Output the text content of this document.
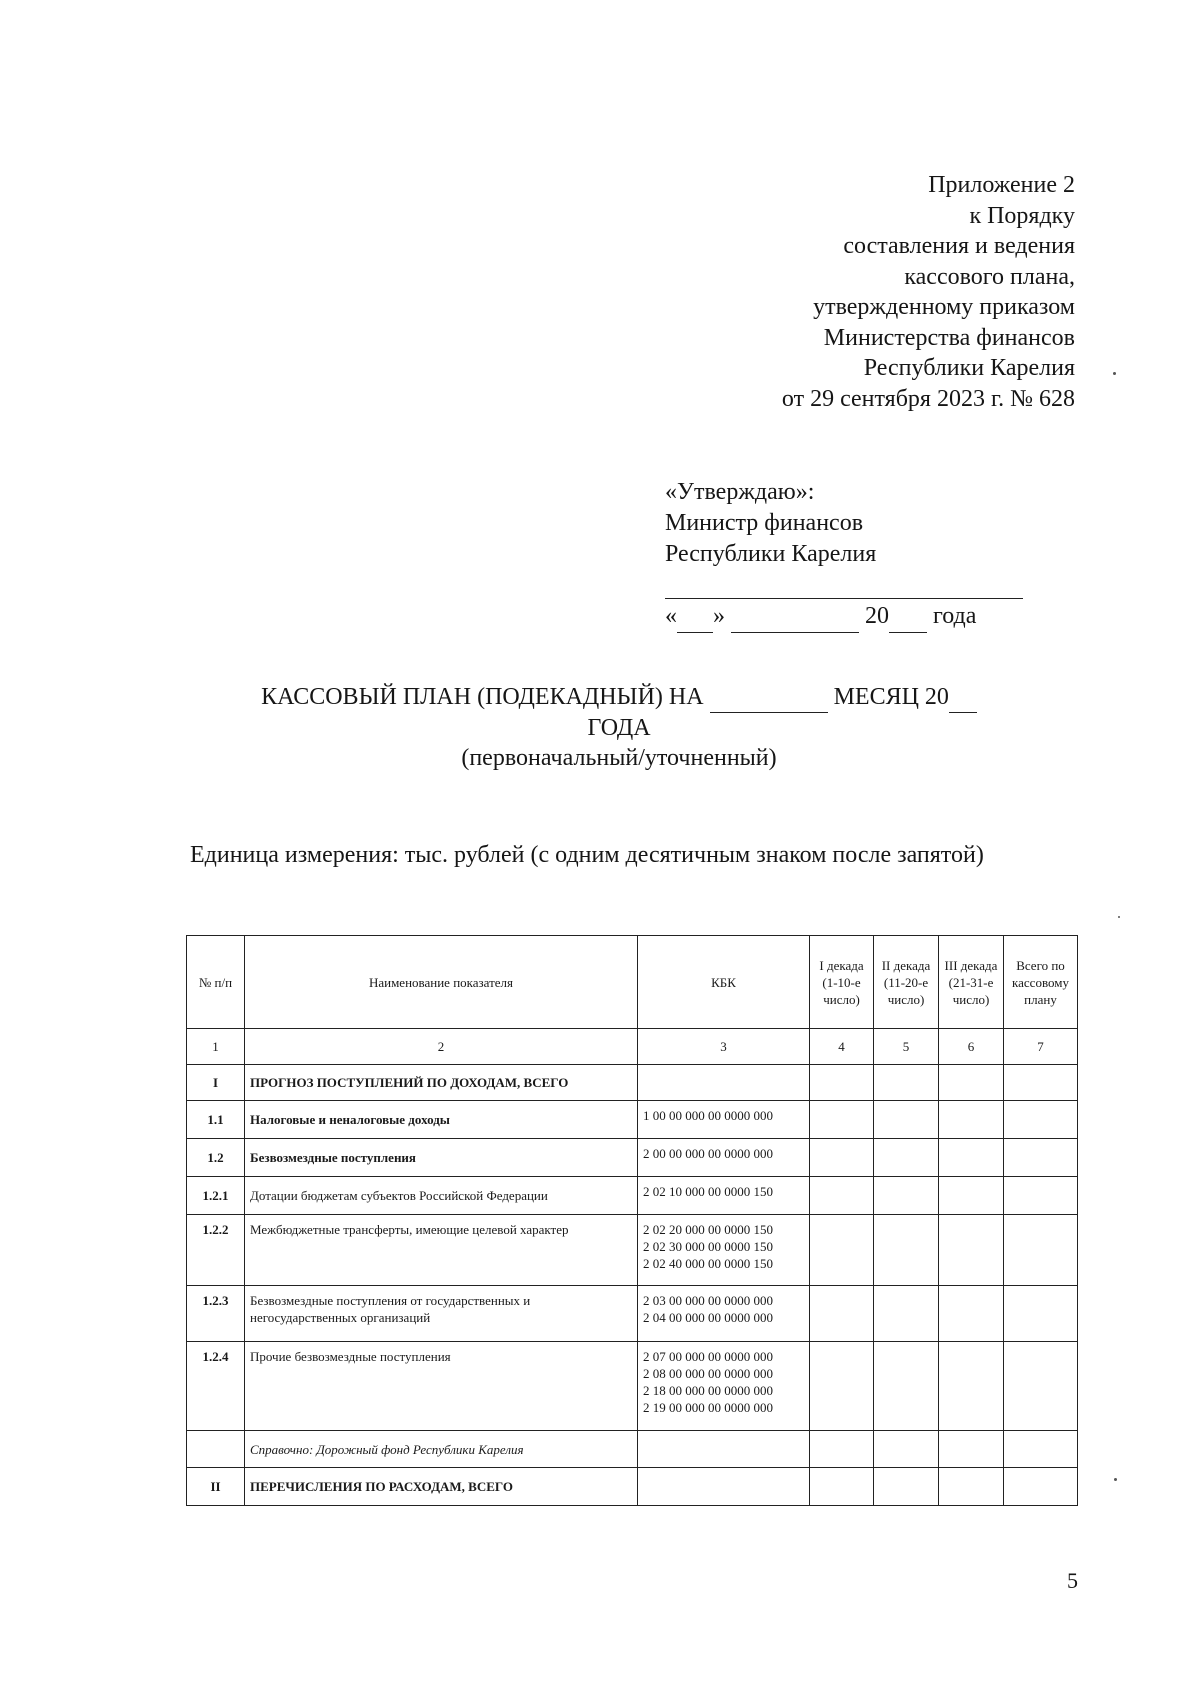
Приложение 2
к Порядку
составления и ведения
кассового плана,
утвержденному приказом
Министерства финансов
Республики Карелия
от 29 сентября 2023 г. № 628
«Утверждаю»:
Министр финансов
Республики Карелия
« »	20 года
КАССОВЫЙ ПЛАН (ПОДЕКАДНЫЙ) НА	МЕСЯЦ 20
ГОДА
(первоначальный/уточненный)
Единица измерения: тыс. рублей (с одним десятичным знаком после запятой)
№ п/п	Наименование показателя	КБК	I декада (1-10-е число)	II декада (11-20-е число)	III декада (21-31-е число)	Всего по кассовому плану
1	2	3	4	5	6	7
I	ПРОГНОЗ ПОСТУПЛЕНИЙ ПО ДОХОДАМ, ВСЕГО					
1.1	Налоговые и неналоговые доходы	1 00 00 000 00 0000 000				
1.2	Безвозмездные поступления	2 00 00 000 00 0000 000				
1.2.1	Дотации бюджетам субъектов Российской Федерации	2 02 10 000 00 0000 150				
1.2.2	Межбюджетные трансферты, имеющие целевой характер	2 02 20 000 00 0000 150
2 02 30 000 00 0000 150
2 02 40 000 00 0000 150				
1.2.3	Безвозмездные поступления от государственных и негосударственных организаций	2 03 00 000 00 0000 000
2 04 00 000 00 0000 000				
1.2.4	Прочие безвозмездные поступления	2 07 00 000 00 0000 000
2 08 00 000 00 0000 000
2 18 00 000 00 0000 000
2 19 00 000 00 0000 000				
	Справочно: Дорожный фонд Республики Карелия					
II	ПЕРЕЧИСЛЕНИЯ ПО РАСХОДАМ, ВСЕГО					
5
